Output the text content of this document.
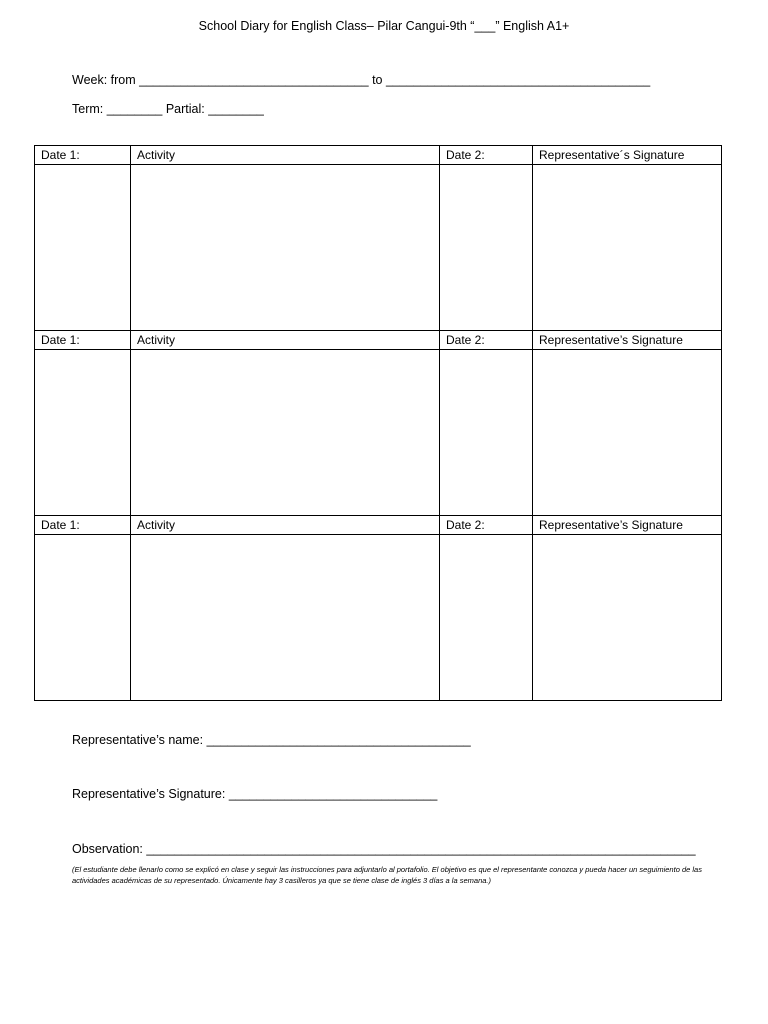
School Diary for English Class– Pilar Cangui-9th “___” English A1+
Week: from _________________________________ to ______________________________________
Term: ________ Partial: ________
Date 1:	Activity	Date 2:	Representative´s Signature

Date 1:	Activity	Date 2:	Representative’s Signature

Date 1:	Activity	Date 2:	Representative’s Signature

Representative’s name: ______________________________________
Representative’s Signature: ______________________________
Observation: _______________________________________________________________________________
(El estudiante debe llenarlo como se explicó en clase y seguir las instrucciones para adjuntarlo al portafolio. El objetivo es que el representante conozca y pueda hacer un seguimiento de las actividades académicas de su representado. Únicamente hay 3 casilleros ya que se tiene clase de inglés 3 días a la semana.)
